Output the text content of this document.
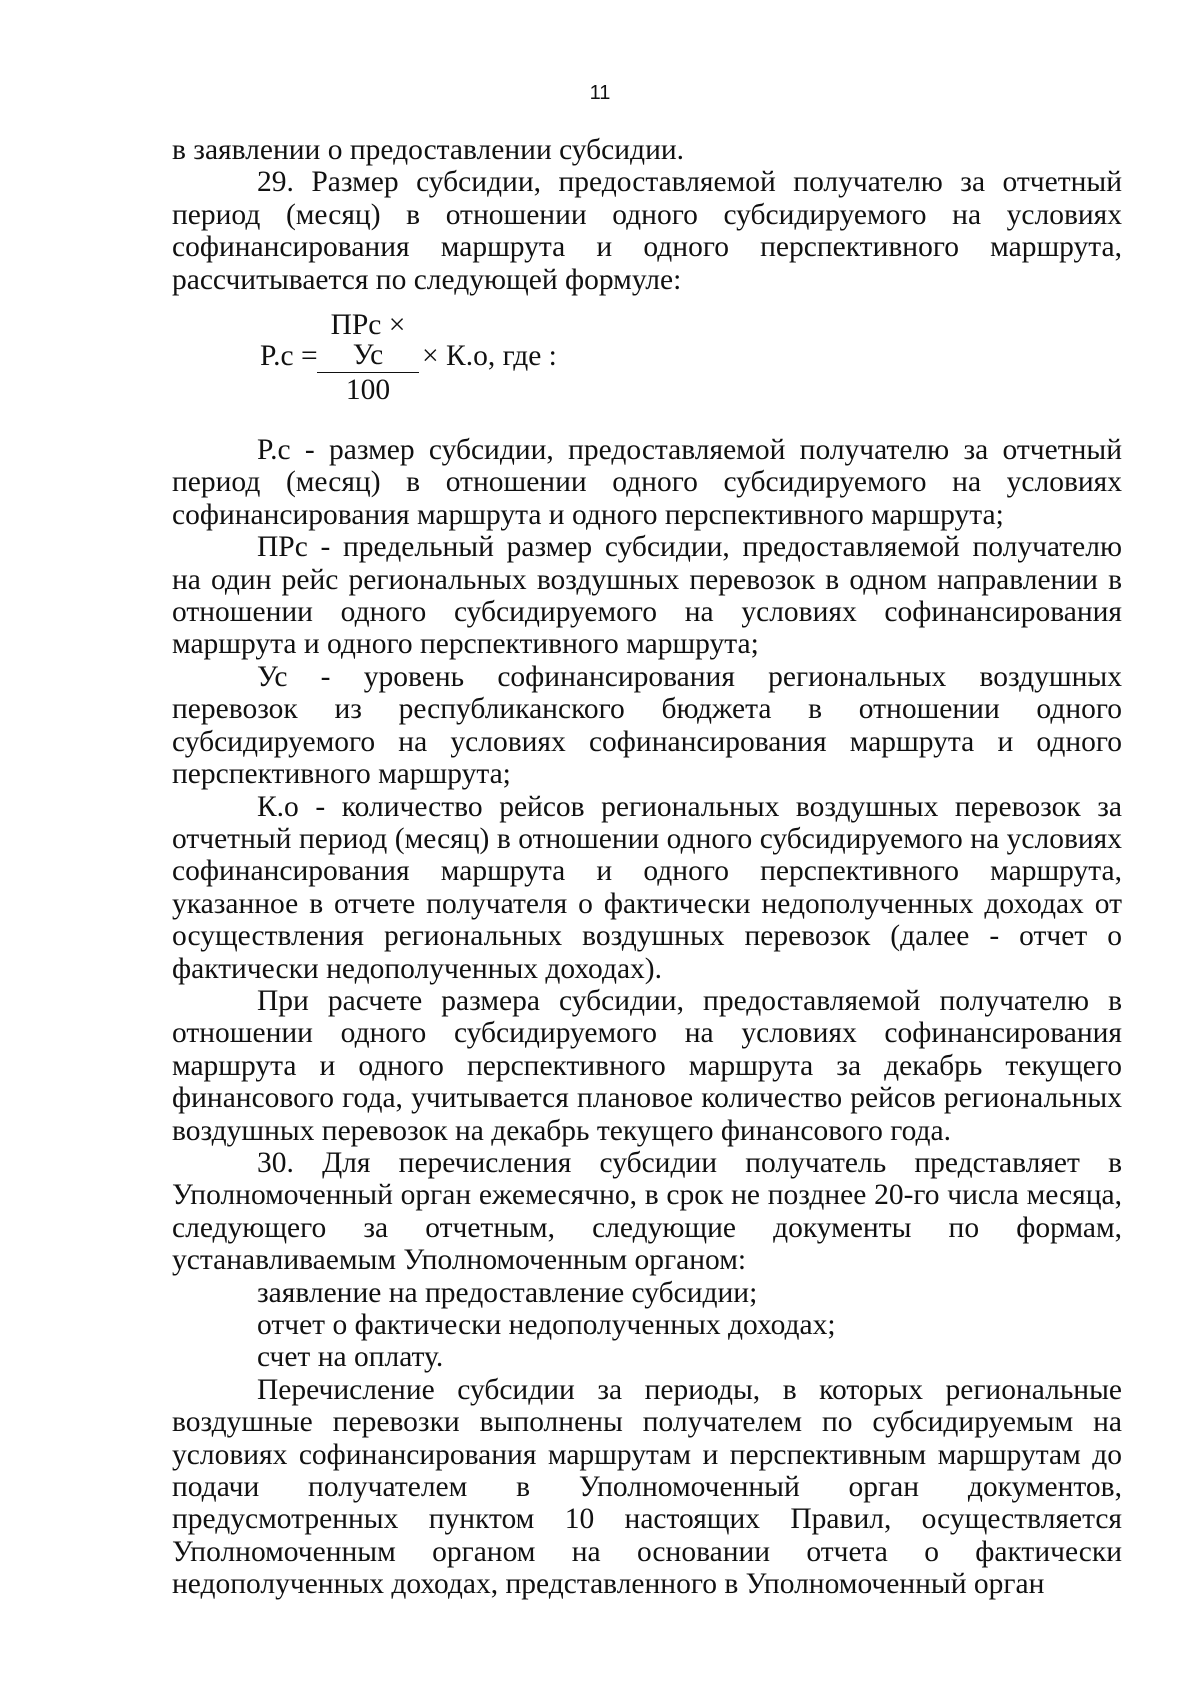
11

в заявлении о предоставлении субсидии.

29. Размер субсидии, предоставляемой получателю за отчетный период (месяц) в отношении одного субсидируемого на условиях софинансирования маршрута и одного перспективного маршрута, рассчитывается по следующей формуле:

P.c =
ПРс × Ус
100
× К.о, где :

P.c - размер субсидии, предоставляемой получателю за отчетный период (месяц) в отношении одного субсидируемого на условиях софинансирования маршрута и одного перспективного маршрута;

ПРс - предельный размер субсидии, предоставляемой получателю на один рейс региональных воздушных перевозок в одном направлении в отношении одного субсидируемого на условиях софинансирования маршрута и одного перспективного маршрута;

Ус - уровень софинансирования региональных воздушных перевозок из республиканского бюджета в отношении одного субсидируемого на условиях софинансирования маршрута и одного перспективного маршрута;

К.о - количество рейсов региональных воздушных перевозок за отчетный период (месяц) в отношении одного субсидируемого на условиях софинансирования маршрута и одного перспективного маршрута, указанное в отчете получателя о фактически недополученных доходах от осуществления региональных воздушных перевозок (далее - отчет о фактически недополученных доходах).

При расчете размера субсидии, предоставляемой получателю в отношении одного субсидируемого на условиях софинансирования маршрута и одного перспективного маршрута за декабрь текущего финансового года, учитывается плановое количество рейсов региональных воздушных перевозок на декабрь текущего финансового года.

30. Для перечисления субсидии получатель представляет в Уполномоченный орган ежемесячно, в срок не позднее 20-го числа месяца, следующего за отчетным, следующие документы по формам, устанавливаемым Уполномоченным органом:

заявление на предоставление субсидии;

отчет о фактически недополученных доходах;

счет на оплату.

Перечисление субсидии за периоды, в которых региональные воздушные перевозки выполнены получателем по субсидируемым на условиях софинансирования маршрутам и перспективным маршрутам до подачи получателем в Уполномоченный орган документов, предусмотренных пунктом 10 настоящих Правил, осуществляется Уполномоченным органом на основании отчета о фактически недополученных доходах, представленного в Уполномоченный орган
